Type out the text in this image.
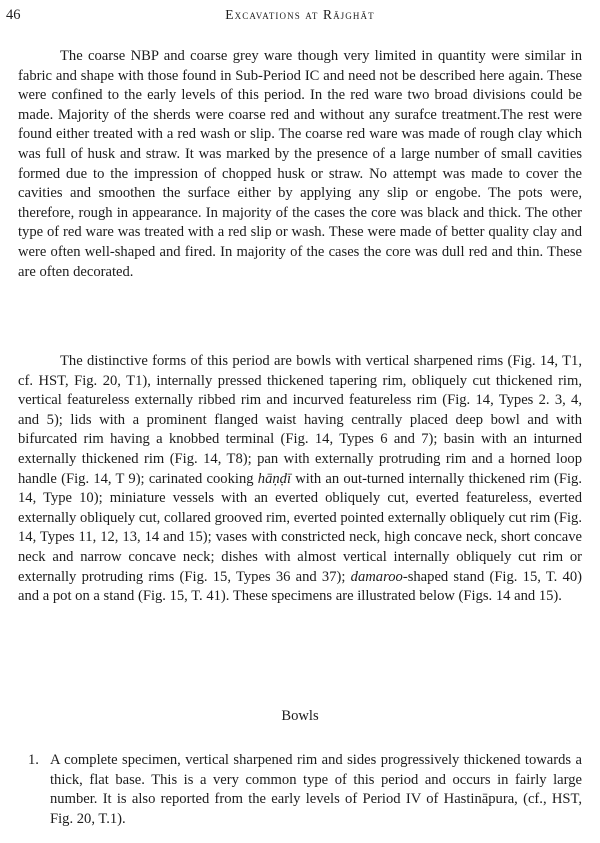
46	Excavations at Rājghāt

The coarse NBP and coarse grey ware though very limited in quantity were similar in fabric and shape with those found in Sub-Period IC and need not be described here again. These were confined to the early levels of this period. In the red ware two broad divisions could be made. Majority of the sherds were coarse red and without any surafce treatment.The rest were found either treated with a red wash or slip. The coarse red ware was made of rough clay which was full of husk and straw. It was marked by the presence of a large number of small cavities formed due to the impression of chopped husk or straw. No attempt was made to cover the cavities and smoothen the surface either by applying any slip or engobe. The pots were, therefore, rough in appearance. In majority of the cases the core was black and thick. The other type of red ware was treated with a red slip or wash. These were made of better quality clay and were often well-shaped and fired. In majority of the cases the core was dull red and thin. These are often decorated.

The distinctive forms of this period are bowls with vertical sharpened rims (Fig. 14, T1, cf. HST, Fig. 20, T1), internally pressed thickened tapering rim, obliquely cut thickened rim, vertical featureless externally ribbed rim and incurved featureless rim (Fig. 14, Types 2. 3, 4, and 5); lids with a prominent flanged waist having centrally placed deep bowl and with bifurcated rim having a knobbed terminal (Fig. 14, Types 6 and 7); basin with an inturned externally thickened rim (Fig. 14, T8); pan with externally protruding rim and a horned loop handle (Fig. 14, T 9); carinated cooking hāṇḍī with an out-turned internally thickened rim (Fig. 14, Type 10); miniature vessels with an everted obliquely cut, everted featureless, everted externally obliquely cut, collared grooved rim, everted pointed externally obliquely cut rim (Fig. 14, Types 11, 12, 13, 14 and 15); vases with constricted neck, high concave neck, short concave neck and narrow concave neck; dishes with almost vertical internally obliquely cut rim or externally protruding rims (Fig. 15, Types 36 and 37); damaroo-shaped stand (Fig. 15, T. 40) and a pot on a stand (Fig. 15, T. 41). These specimens are illustrated below (Figs. 14 and 15).

Bowls
1. A complete specimen, vertical sharpened rim and sides progressively thickened towards a thick, flat base. This is a very common type of this period and occurs in fairly large number. It is also reported from the early levels of Period IV of Hastināpura, (cf., HST, Fig. 20, T.1).
